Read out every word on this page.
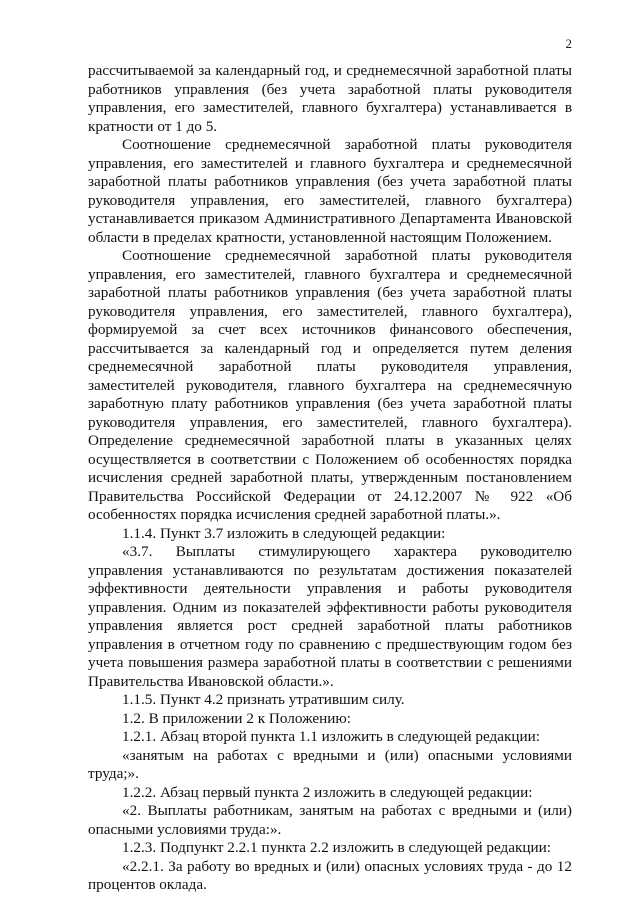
2

рассчитываемой за календарный год, и среднемесячной заработной платы работников управления (без учета заработной платы руководителя управления, его заместителей, главного бухгалтера) устанавливается в кратности от 1 до 5.

Соотношение среднемесячной заработной платы руководителя управления, его заместителей и главного бухгалтера и среднемесячной заработной платы работников управления (без учета заработной платы руководителя управления, его заместителей, главного бухгалтера) устанавливается приказом Административного Департамента Ивановской области в пределах кратности, установленной настоящим Положением.

Соотношение среднемесячной заработной платы руководителя управления, его заместителей, главного бухгалтера и среднемесячной заработной платы работников управления (без учета заработной платы руководителя управления, его заместителей, главного бухгалтера), формируемой за счет всех источников финансового обеспечения, рассчитывается за календарный год и определяется путем деления среднемесячной заработной платы руководителя управления, заместителей руководителя, главного бухгалтера на среднемесячную заработную плату работников управления (без учета заработной платы руководителя управления, его заместителей, главного бухгалтера). Определение среднемесячной заработной платы в указанных целях осуществляется в соответствии с Положением об особенностях порядка исчисления средней заработной платы, утвержденным постановлением Правительства Российской Федерации от 24.12.2007 № 922 «Об особенностях порядка исчисления средней заработной платы.».

1.1.4. Пункт 3.7 изложить в следующей редакции:

«3.7. Выплаты стимулирующего характера руководителю управления устанавливаются по результатам достижения показателей эффективности деятельности управления и работы руководителя управления. Одним из показателей эффективности работы руководителя управления является рост средней заработной платы работников управления в отчетном году по сравнению с предшествующим годом без учета повышения размера заработной платы в соответствии с решениями Правительства Ивановской области.».

1.1.5. Пункт 4.2 признать утратившим силу.

1.2. В приложении 2 к Положению:

1.2.1. Абзац второй пункта 1.1 изложить в следующей редакции:

«занятым на работах с вредными и (или) опасными условиями труда;».

1.2.2. Абзац первый пункта 2 изложить в следующей редакции:

«2. Выплаты работникам, занятым на работах с вредными и (или) опасными условиями труда:».

1.2.3. Подпункт 2.2.1 пункта 2.2 изложить в следующей редакции:

«2.2.1. За работу во вредных и (или) опасных условиях труда - до 12 процентов оклада.
